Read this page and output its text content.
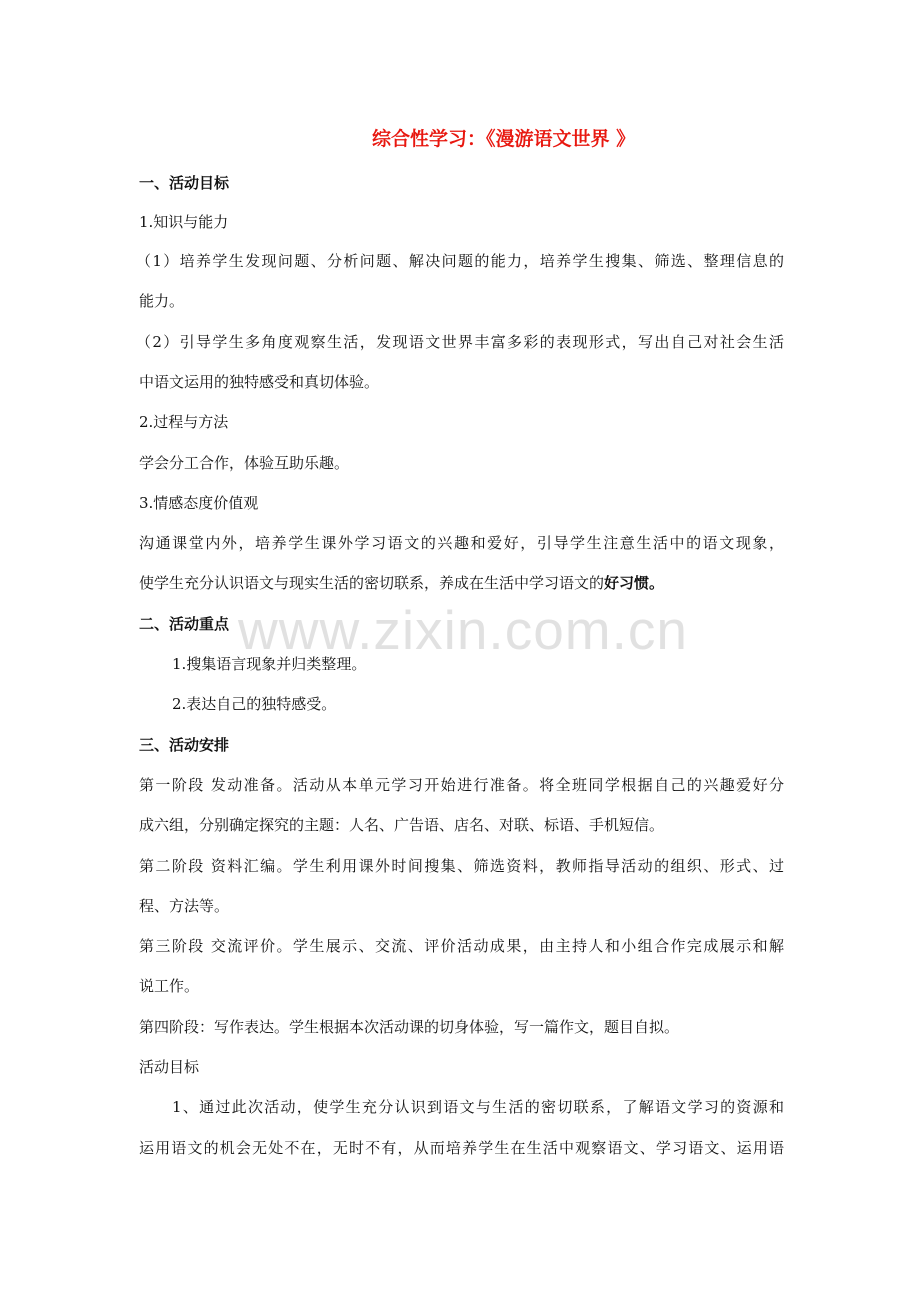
www.zixin.com.cn
综合性学习：《漫游语文世界 》
一、活动目标
1.知识与能力
（1）培养学生发现问题、分析问题、解决问题的能力，培养学生搜集、筛选、整理信息的
能力。
（2）引导学生多角度观察生活，发现语文世界丰富多彩的表现形式，写出自己对社会生活
中语文运用的独特感受和真切体验。
2.过程与方法
学会分工合作，体验互助乐趣。
3.情感态度价值观
沟通课堂内外，培养学生课外学习语文的兴趣和爱好，引导学生注意生活中的语文现象，
使学生充分认识语文与现实生活的密切联系，养成在生活中学习语文的好习惯。
二、活动重点
1.搜集语言现象并归类整理。
2.表达自己的独特感受。
三、活动安排
第一阶段 发动准备。活动从本单元学习开始进行准备。将全班同学根据自己的兴趣爱好分
成六组，分别确定探究的主题：人名、广告语、店名、对联、标语、手机短信。
第二阶段 资料汇编。学生利用课外时间搜集、筛选资料，教师指导活动的组织、形式、过
程、方法等。
第三阶段 交流评价。学生展示、交流、评价活动成果，由主持人和小组合作完成展示和解
说工作。
第四阶段：写作表达。学生根据本次活动课的切身体验，写一篇作文，题目自拟。
活动目标
1、通过此次活动，使学生充分认识到语文与生活的密切联系，了解语文学习的资源和
运用语文的机会无处不在，无时不有，从而培养学生在生活中观察语文、学习语文、运用语
